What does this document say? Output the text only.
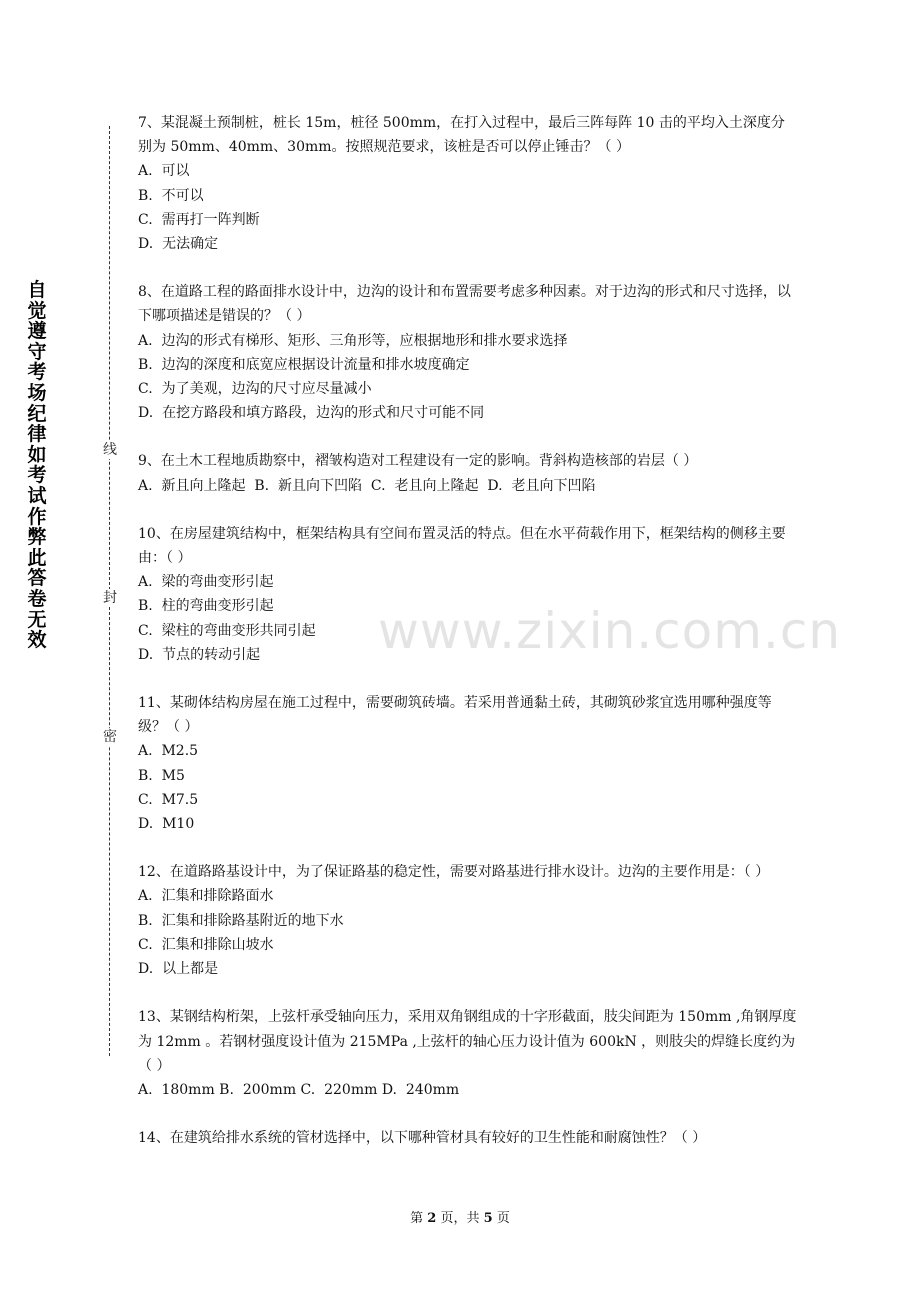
自觉遵守考场纪律如考试作弊此答卷无效
线
封
密
www.zixin.com.cn
7、某混凝土预制桩，桩长 15m，桩径 500mm，在打入过程中，最后三阵每阵 10 击的平均入土深度分别为 50mm、40mm、30mm。按照规范要求，该桩是否可以停止锤击？（ ）
A.  可以
B.  不可以
C.  需再打一阵判断
D.  无法确定
8、在道路工程的路面排水设计中，边沟的设计和布置需要考虑多种因素。对于边沟的形式和尺寸选择，以下哪项描述是错误的？（ ）
A.  边沟的形式有梯形、矩形、三角形等，应根据地形和排水要求选择
B.  边沟的深度和底宽应根据设计流量和排水坡度确定
C.  为了美观，边沟的尺寸应尽量减小
D.  在挖方路段和填方路段，边沟的形式和尺寸可能不同
9、在土木工程地质勘察中，褶皱构造对工程建设有一定的影响。背斜构造核部的岩层（ ）
A.  新且向上隆起  B.  新且向下凹陷  C.  老且向上隆起  D.  老且向下凹陷
10、在房屋建筑结构中，框架结构具有空间布置灵活的特点。但在水平荷载作用下，框架结构的侧移主要由：（ ）
A.  梁的弯曲变形引起
B.  柱的弯曲变形引起
C.  梁柱的弯曲变形共同引起
D.  节点的转动引起
11、某砌体结构房屋在施工过程中，需要砌筑砖墙。若采用普通黏土砖，其砌筑砂浆宜选用哪种强度等级？（ ）
A.  M2.5
B.  M5
C.  M7.5
D.  M10
12、在道路路基设计中，为了保证路基的稳定性，需要对路基进行排水设计。边沟的主要作用是：（ ）
A.  汇集和排除路面水
B.  汇集和排除路基附近的地下水
C.  汇集和排除山坡水
D.  以上都是
13、某钢结构桁架，上弦杆承受轴向压力，采用双角钢组成的十字形截面，肢尖间距为 150mm ,角钢厚度为 12mm 。若钢材强度设计值为 215MPa ,上弦杆的轴心压力设计值为 600kN ，则肢尖的焊缝长度约为（ ）
A.  180mm B.  200mm C.  220mm D.  240mm
14、在建筑给排水系统的管材选择中，以下哪种管材具有较好的卫生性能和耐腐蚀性？（ ）
第 2 页，共 5 页
